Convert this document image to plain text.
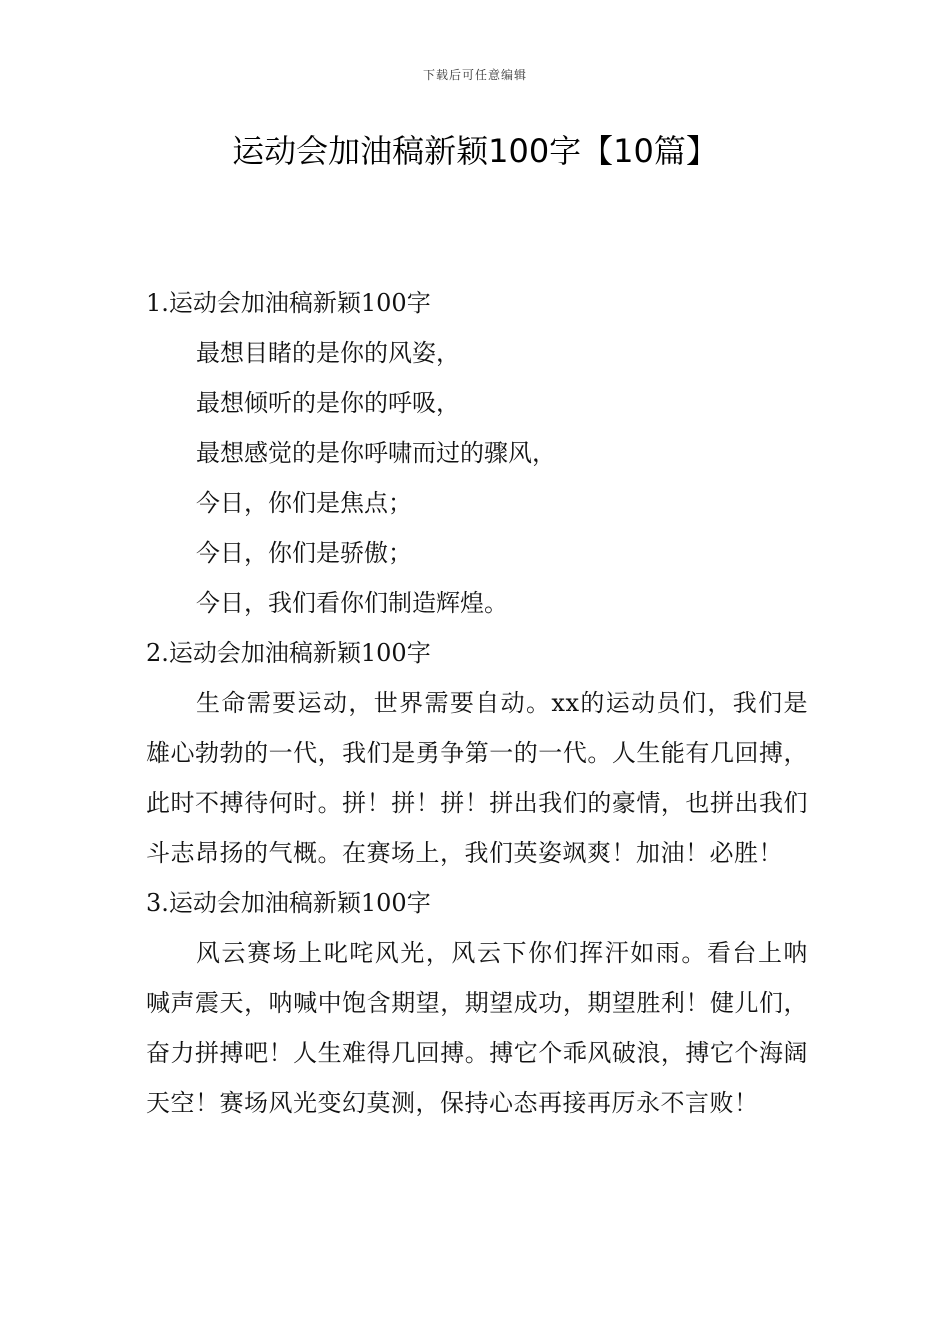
下载后可任意编辑
运动会加油稿新颖100字【10篇】

1.运动会加油稿新颖100字

最想目睹的是你的风姿，

最想倾听的是你的呼吸，

最想感觉的是你呼啸而过的骤风，

今日，你们是焦点；

今日，你们是骄傲；

今日，我们看你们制造辉煌。

2.运动会加油稿新颖100字

生命需要运动，世界需要自动。xx的运动员们，我们是雄心勃勃的一代，我们是勇争第一的一代。人生能有几回搏，此时不搏待何时。拼！拼！拼！拼出我们的豪情，也拼出我们斗志昂扬的气概。在赛场上，我们英姿飒爽！加油！必胜！

3.运动会加油稿新颖100字

风云赛场上叱咤风光，风云下你们挥汗如雨。看台上呐喊声震天，呐喊中饱含期望，期望成功，期望胜利！健儿们，奋力拼搏吧！人生难得几回搏。搏它个乖风破浪，搏它个海阔天空！赛场风光变幻莫测，保持心态再接再厉永不言败！
